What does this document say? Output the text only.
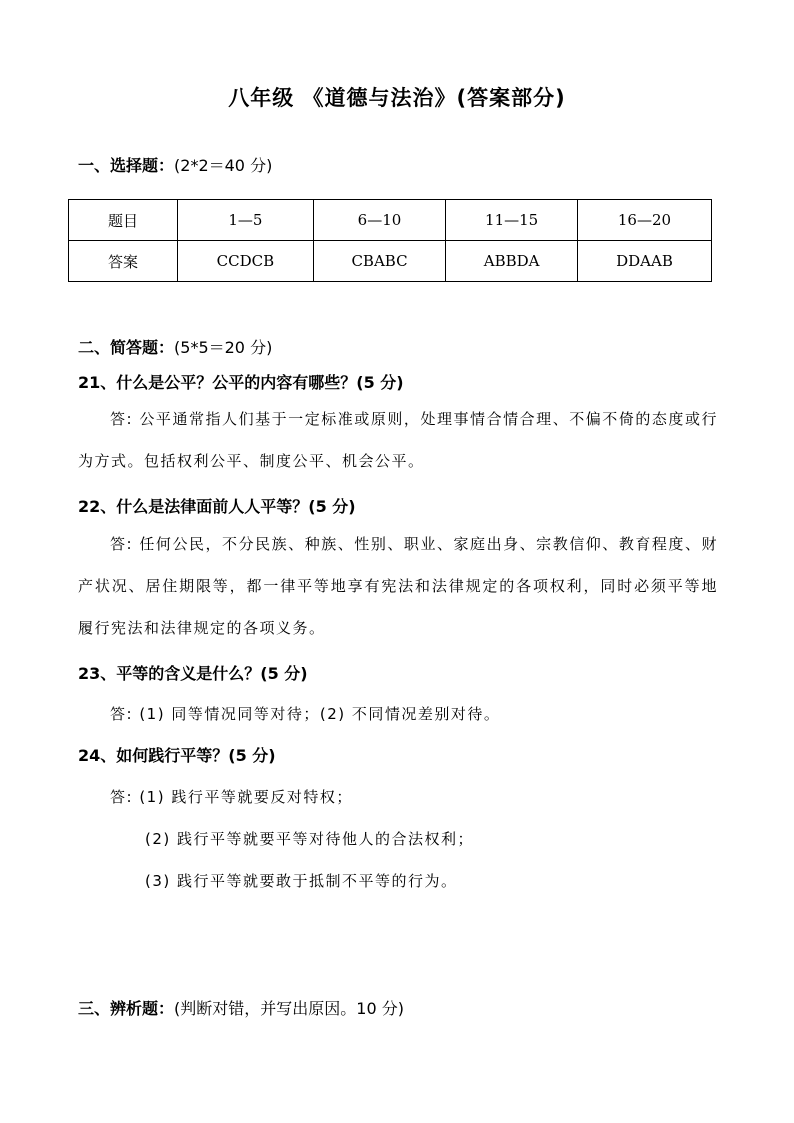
八年级 《道德与法治》(答案部分)
一、选择题：(2*2＝40 分)
题目	1—5	6—10	11—15	16—20
答案	CCDCB	CBABC	ABBDA	DDAAB
二、简答题：(5*5＝20 分)
21、什么是公平？公平的内容有哪些？(5 分)
答: 公平通常指人们基于一定标准或原则，处理事情合情合理、不偏不倚的态度或行为方式。包括权利公平、制度公平、机会公平。
22、什么是法律面前人人平等？(5 分)
答: 任何公民，不分民族、种族、性别、职业、家庭出身、宗教信仰、教育程度、财产状况、居住期限等，都一律平等地享有宪法和法律规定的各项权利，同时必须平等地履行宪法和法律规定的各项义务。
23、平等的含义是什么？(5 分)
答: (1) 同等情况同等对待；(2) 不同情况差别对待。
24、如何践行平等？(5 分)
答: (1) 践行平等就要反对特权；
(2) 践行平等就要平等对待他人的合法权利；
(3) 践行平等就要敢于抵制不平等的行为。
三、辨析题：(判断对错，并写出原因。10 分)
